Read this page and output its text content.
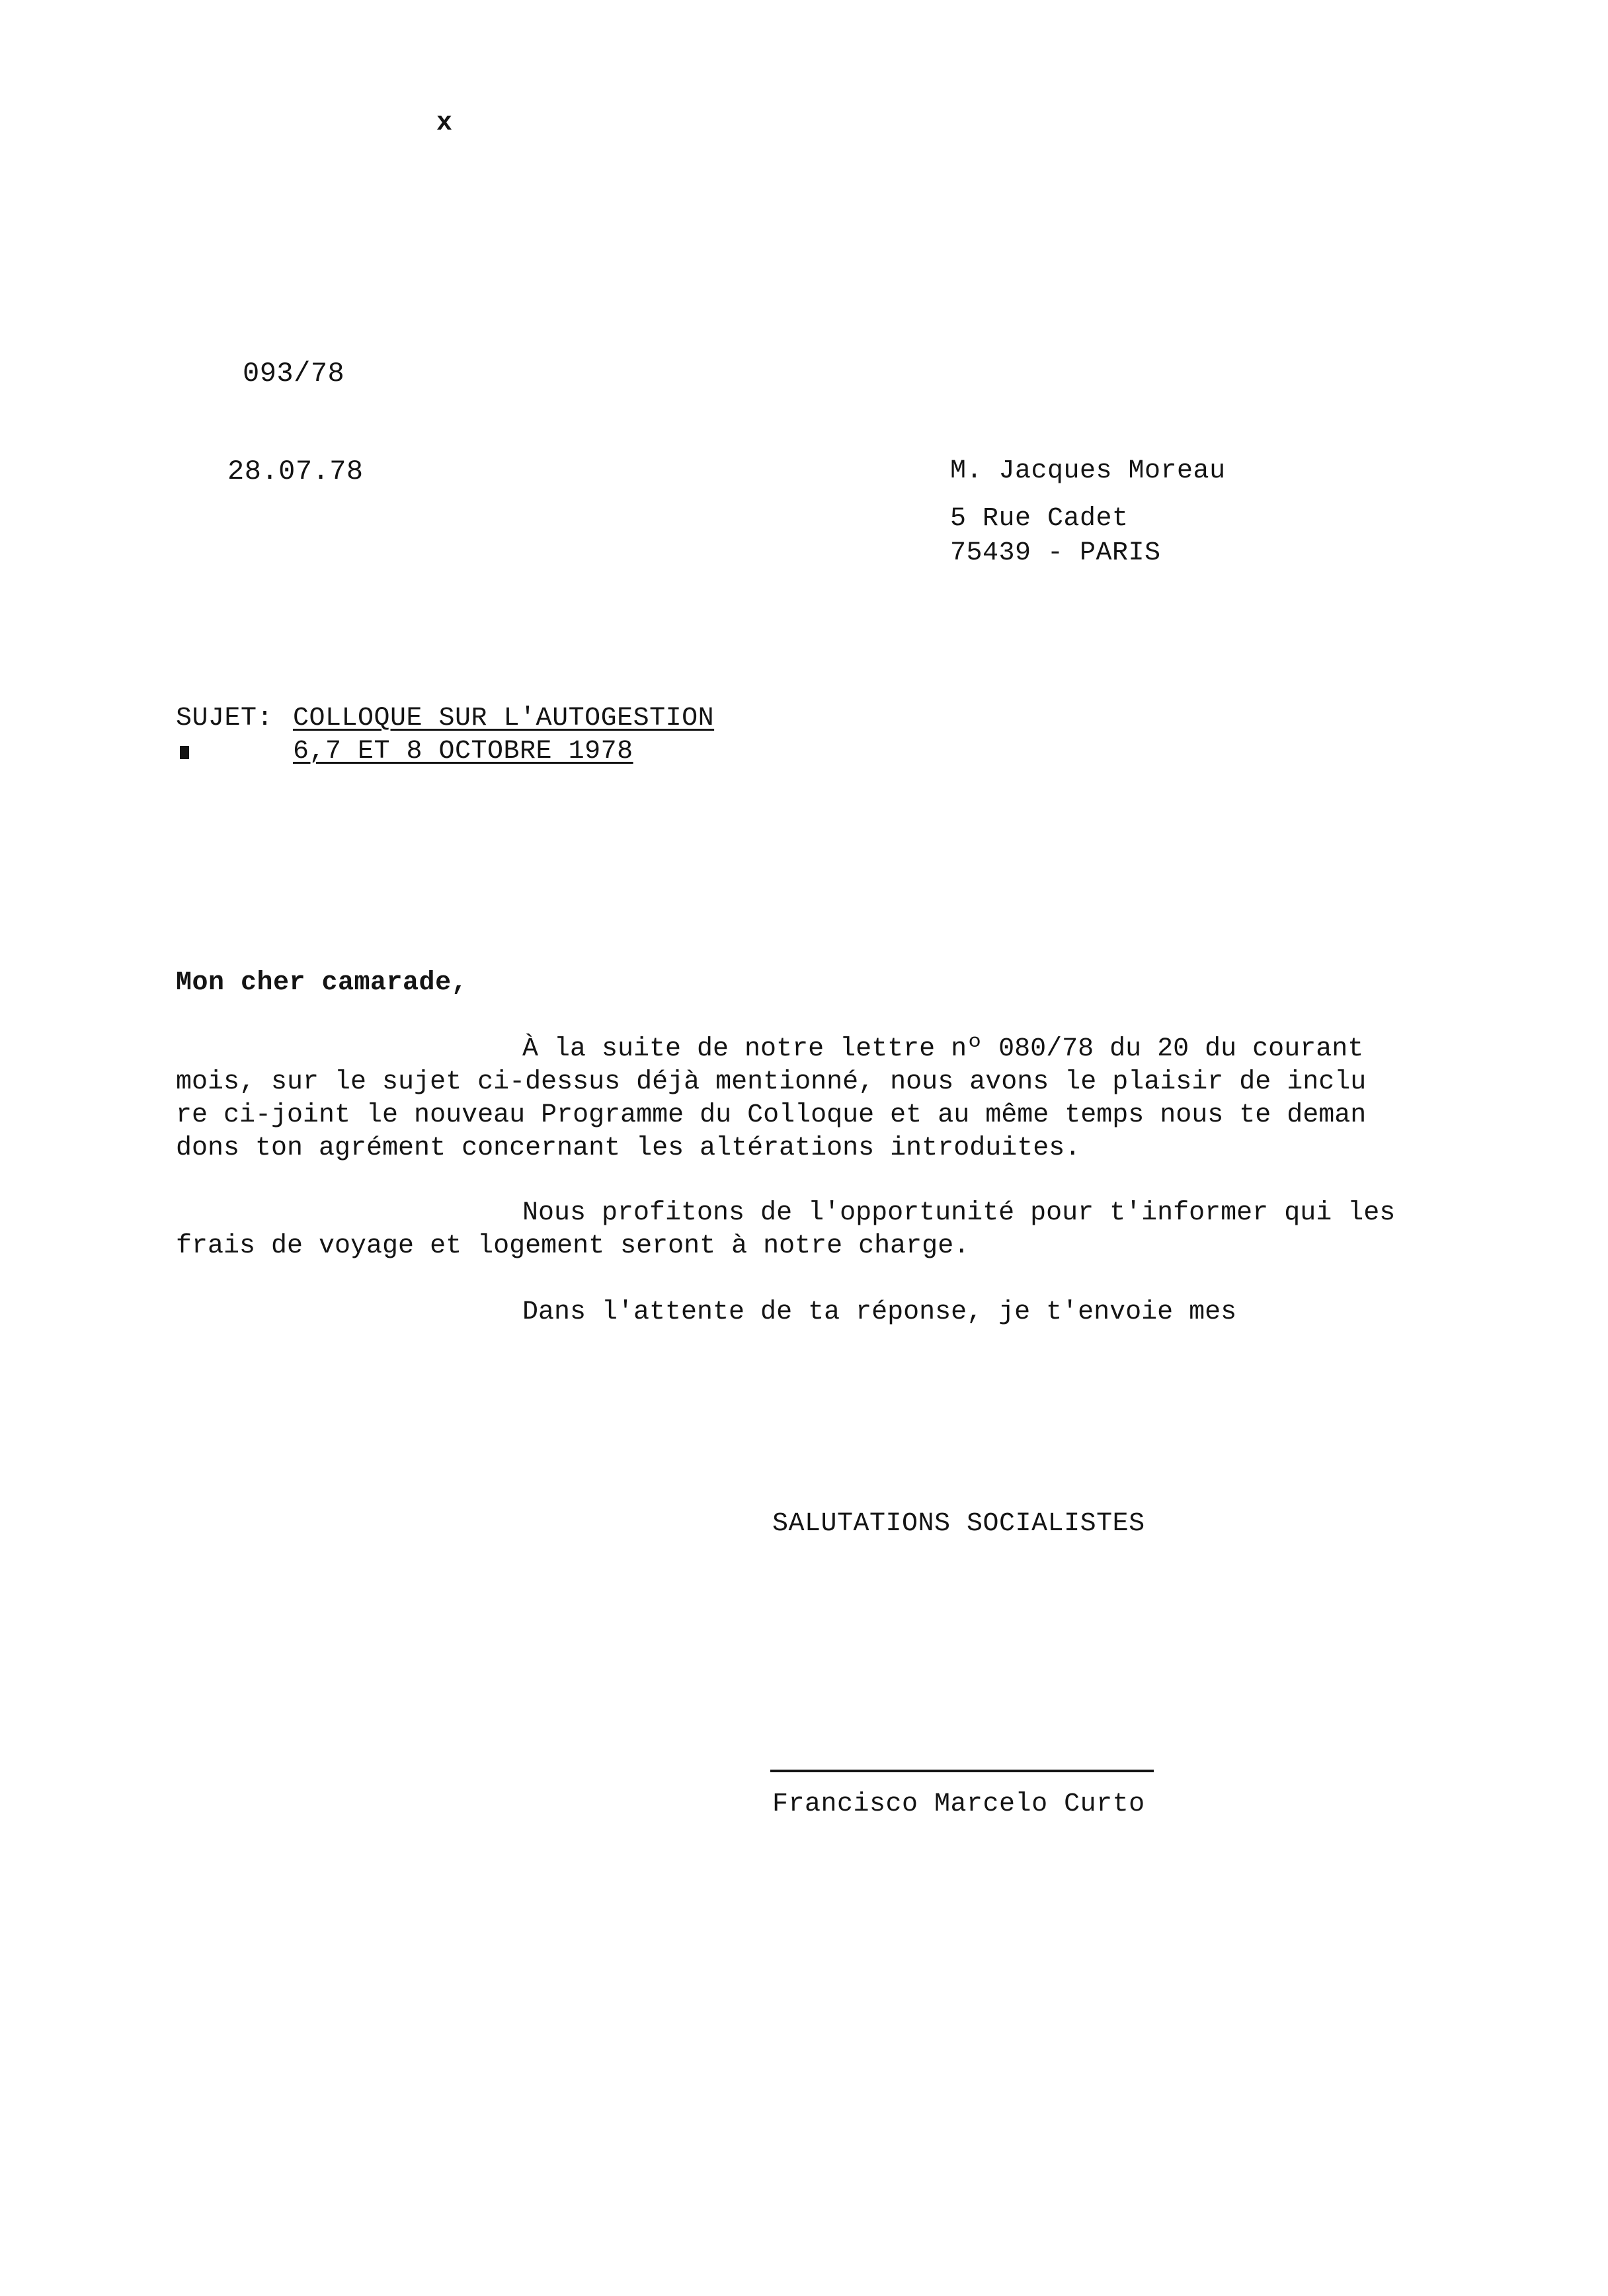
x
093/78
28.07.78	M. Jacques Moreau
5 Rue Cadet
75439 - PARIS
SUJET: COLLOQUE SUR L'AUTOGESTION
6,7 ET 8 OCTOBRE 1978
Mon cher camarade,
À la suite de notre lettre nº 080/78 du 20 du courant
mois, sur le sujet ci-dessus déjà mentionné, nous avons le plaisir de inclu
re ci-joint le nouveau Programme du Colloque et au même temps nous te deman
dons ton agrément concernant les altérations introduites.
Nous profitons de l'opportunité pour t'informer qui les
frais de voyage et logement seront à notre charge.
Dans l'attente de ta réponse, je t'envoie mes
SALUTATIONS SOCIALISTES
Francisco Marcelo Curto
